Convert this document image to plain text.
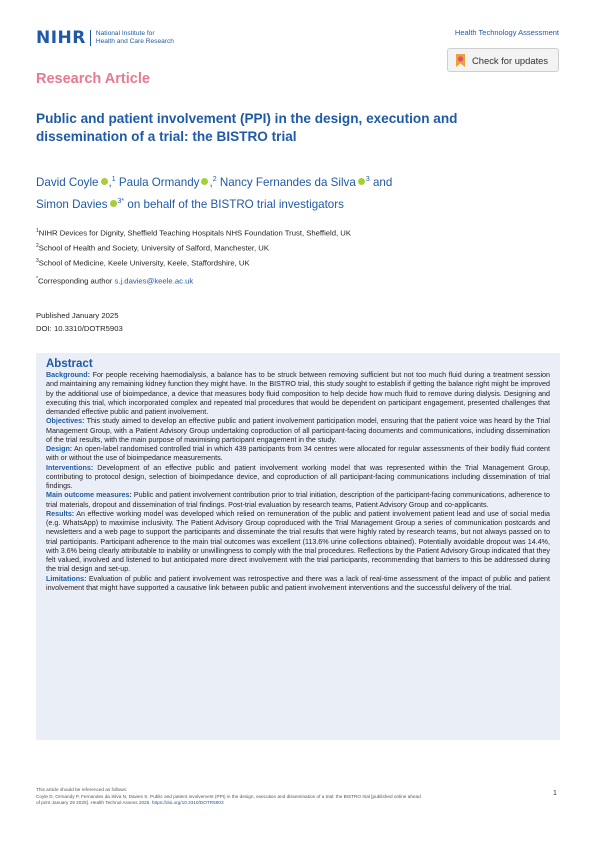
NIHR National Institute for
Health and Care Research
Health Technology Assessment
Check for updates
Research Article
Public and patient involvement (PPI) in the design, execution and dissemination of a trial: the BISTRO trial
David Coyle ,$^1$ Paula Ormandy ,$^2$ Nancy Fernandes da Silva $^3$ and
Simon Davies $^{3*}$ on behalf of the BISTRO trial investigators
$^1$NIHR Devices for Dignity, Sheffield Teaching Hospitals NHS Foundation Trust, Sheffield, UK
$^2$School of Health and Society, University of Salford, Manchester, UK
$^3$School of Medicine, Keele University, Keele, Staffordshire, UK
*Corresponding author s.j.davies@keele.ac.uk
Published January 2025
DOI: 10.3310/DOTR5903
Abstract

Background: For people receiving haemodialysis, a balance has to be struck between removing sufficient but not too much fluid during a treatment session and maintaining any remaining kidney function they might have. In the BISTRO trial, this study sought to establish if getting the balance right might be improved by the additional use of bioimpedance, a device that measures body fluid composition to help decide how much fluid to remove during dialysis. Designing and executing this trial, which incorporated complex and repeated trial procedures that would be dependent on participant engagement, presented challenges that demanded effective public and patient involvement.

Objectives: This study aimed to develop an effective public and patient involvement participation model, ensuring that the patient voice was heard by the Trial Management Group, with a Patient Advisory Group undertaking coproduction of all participant-facing documents and communications, including dissemination of the trial results, with the main purpose of maximising participant engagement in the study.

Design: An open-label randomised controlled trial in which 439 participants from 34 centres were allocated for regular assessments of their bodily fluid content with or without the use of bioimpedance measurements.

Interventions: Development of an effective public and patient involvement working model that was represented within the Trial Management Group, contributing to protocol design, selection of bioimpedance device, and coproduction of all participant-facing communications including dissemination of trial findings.

Main outcome measures: Public and patient involvement contribution prior to trial initiation, description of the participant-facing communications, adherence to trial materials, dropout and dissemination of trial findings. Post-trial evaluation by research teams, Patient Advisory Group and co-applicants.

Results: An effective working model was developed which relied on remuneration of the public and patient involvement patient lead and use of social media (e.g. WhatsApp) to maximise inclusivity. The Patient Advisory Group coproduced with the Trial Management Group a series of communication postcards and newsletters and a web page to support the participants and disseminate the trial results that were highly rated by research teams, but not always passed on to trial participants. Participant adherence to the main trial outcomes was excellent (113.6% urine collections obtained). Potentially avoidable dropout was 14.4%, with 3.6% being clearly attributable to inability or unwillingness to comply with the trial procedures. Reflections by the Patient Advisory Group indicated that they felt valued, involved and listened to but anticipated more direct involvement with the trial participants, recommending that barriers to this be addressed during the trial design and set-up.

Limitations: Evaluation of public and patient involvement was retrospective and there was a lack of real-time assessment of the impact of public and patient involvement that might have supported a causative link between public and patient involvement interventions and the successful delivery of the trial.

This article should be referenced as follows:
Coyle D, Ormandy P, Fernandes da Silva N, Davies S. Public and patient involvement (PPI) in the design, execution and dissemination of a trial: the BISTRO trial [published online ahead
of print January 29 2025]. Health Technol Assess 2025. https://doi.org/10.3310/DOTR5903
1
